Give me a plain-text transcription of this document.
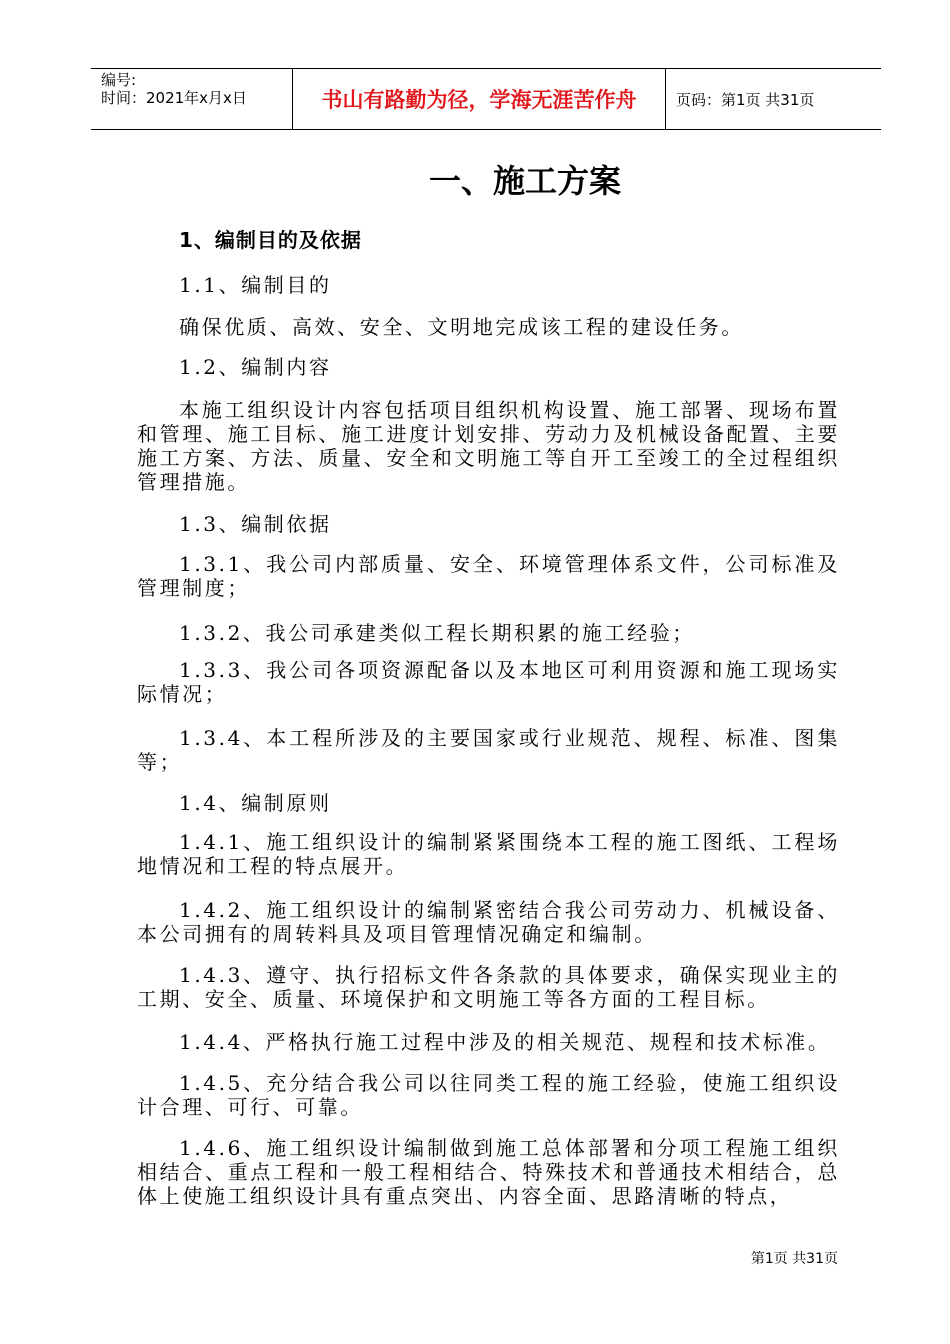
编号:
时间：2021年x月x日	书山有路勤为径，学海无涯苦作舟	页码：第1页 共31页
一、施工方案

1、编制目的及依据

1.1、编制目的

确保优质、高效、安全、文明地完成该工程的建设任务。

1.2、编制内容

本施工组织设计内容包括项目组织机构设置、施工部署、现场布置和管理、施工目标、施工进度计划安排、劳动力及机械设备配置、主要施工方案、方法、质量、安全和文明施工等自开工至竣工的全过程组织管理措施。

1.3、编制依据

1.3.1、我公司内部质量、安全、环境管理体系文件，公司标准及管理制度；

1.3.2、我公司承建类似工程长期积累的施工经验；

1.3.3、我公司各项资源配备以及本地区可利用资源和施工现场实际情况；

1.3.4、本工程所涉及的主要国家或行业规范、规程、标准、图集等；

1.4、编制原则

1.4.1、施工组织设计的编制紧紧围绕本工程的施工图纸、工程场地情况和工程的特点展开。

1.4.2、施工组织设计的编制紧密结合我公司劳动力、机械设备、本公司拥有的周转料具及项目管理情况确定和编制。

1.4.3、遵守、执行招标文件各条款的具体要求，确保实现业主的工期、安全、质量、环境保护和文明施工等各方面的工程目标。

1.4.4、严格执行施工过程中涉及的相关规范、规程和技术标准。

1.4.5、充分结合我公司以往同类工程的施工经验，使施工组织设计合理、可行、可靠。

1.4.6、施工组织设计编制做到施工总体部署和分项工程施工组织相结合、重点工程和一般工程相结合、特殊技术和普通技术相结合，总体上使施工组织设计具有重点突出、内容全面、思路清晰的特点，

第1页 共31页
